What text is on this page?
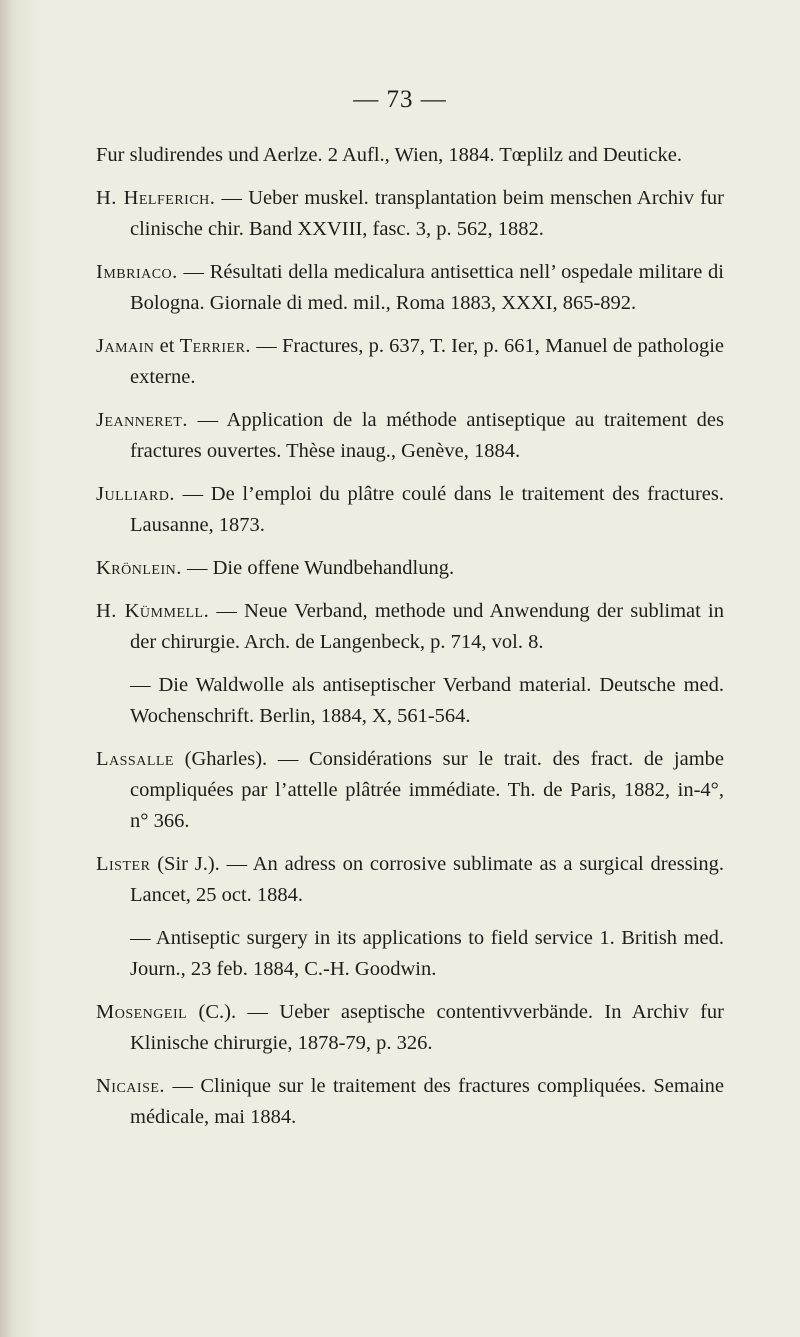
— 73 —

Fur sludirendes und Aerlze. 2 Aufl., Wien, 1884. Tœplilz and Deuticke.

H. Helferich. — Ueber muskel. transplantation beim menschen Archiv fur clinische chir. Band XXVIII, fasc. 3, p. 562, 1882.

Imbriaco. — Résultati della medicalura antisettica nell’ ospedale militare di Bologna. Giornale di med. mil., Roma 1883, XXXI, 865-892.

Jamain et Terrier. — Fractures, p. 637, T. Ier, p. 661, Manuel de pathologie externe.

Jeanneret. — Application de la méthode antiseptique au traitement des fractures ouvertes. Thèse inaug., Genève, 1884.

Julliard. — De l’emploi du plâtre coulé dans le traitement des fractures. Lausanne, 1873.

Krönlein. — Die offene Wundbehandlung.

H. Kümmell. — Neue Verband, methode und Anwendung der sublimat in der chirurgie. Arch. de Langenbeck, p. 714, vol. 8.

— Die Waldwolle als antiseptischer Verband material. Deutsche med. Wochenschrift. Berlin, 1884, X, 561-564.

Lassalle (Gharles). — Considérations sur le trait. des fract. de jambe compliquées par l’attelle plâtrée immédiate. Th. de Paris, 1882, in-4°, n° 366.

Lister (Sir J.). — An adress on corrosive sublimate as a surgical dressing. Lancet, 25 oct. 1884.

— Antiseptic surgery in its applications to field service 1. British med. Journ., 23 feb. 1884, C.-H. Goodwin.

Mosengeil (C.). — Ueber aseptische contentivverbände. In Archiv fur Klinische chirurgie, 1878-79, p. 326.

Nicaise. — Clinique sur le traitement des fractures compliquées. Semaine médicale, mai 1884.
